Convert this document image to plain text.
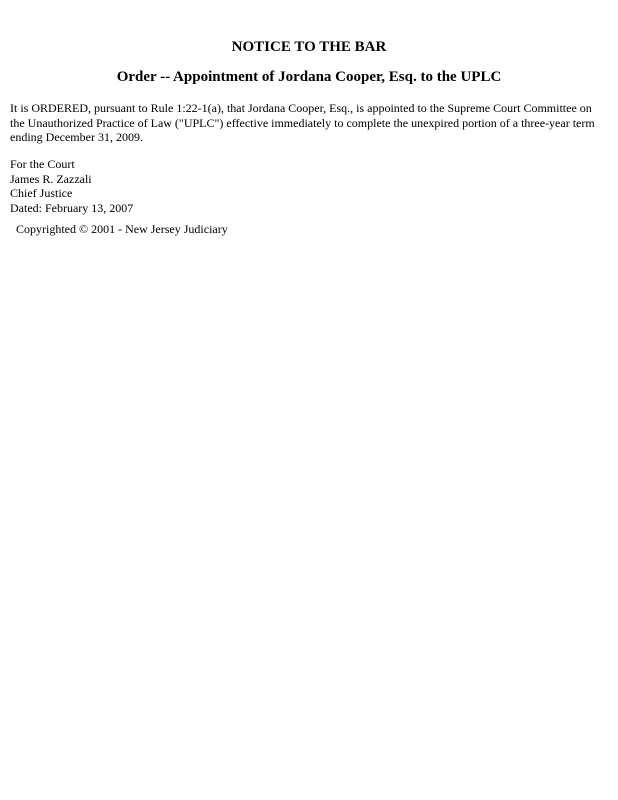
NOTICE TO THE BAR
Order -- Appointment of Jordana Cooper, Esq. to the UPLC

It is ORDERED, pursuant to Rule 1:22-1(a), that Jordana Cooper, Esq., is appointed to the Supreme Court Committee on the Unauthorized Practice of Law ("UPLC") effective immediately to complete the unexpired portion of a three-year term ending December 31, 2009.

For the Court
James R. Zazzali
Chief Justice
Dated: February 13, 2007
Copyrighted © 2001 - New Jersey Judiciary
